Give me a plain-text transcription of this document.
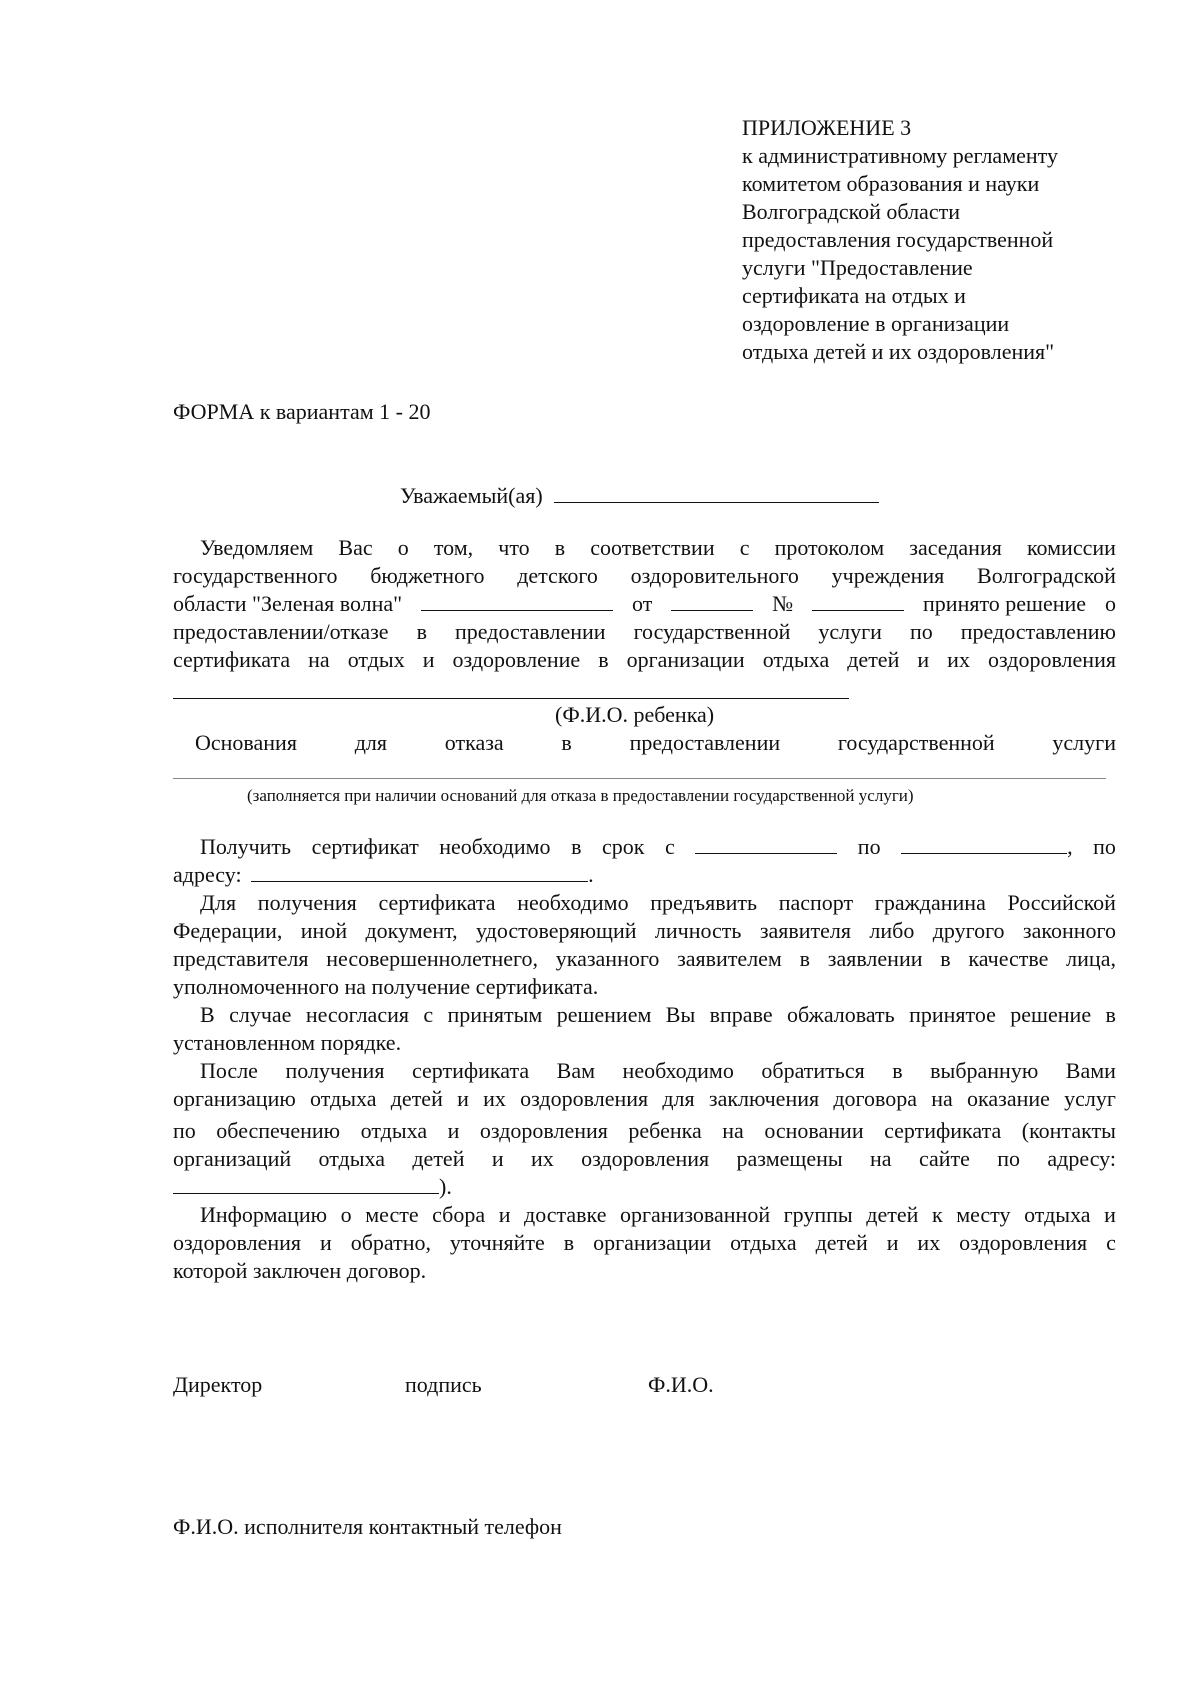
ПРИЛОЖЕНИЕ 3
к административному регламенту
комитетом образования и науки
Волгоградской области
предоставления государственной
услуги "Предоставление
сертификата на отдых и
оздоровление в организации
отдыха детей и их оздоровления"
ФОРМА к вариантам 1 - 20
Уважаемый(ая)
Уведомляем Вас о том, что в соответствии с протоколом заседания комиссии
государственного бюджетного детского оздоровительного учреждения Волгоградской
области "Зеленая волна"	от	№	принято решение о
предоставлении/отказе в предоставлении государственной услуги по предоставлению
сертификата на отдых и оздоровление в организации отдыха детей и их оздоровления
(Ф.И.О. ребенка)
Основания	для	отказа	в	предоставлении	государственной	услуги
(заполняется при наличии оснований для отказа в предоставлении государственной услуги)
Получить сертификат необходимо в срок с	по	, по
адресу:	.
Для получения сертификата необходимо предъявить паспорт гражданина Российской
Федерации, иной документ, удостоверяющий личность заявителя либо другого законного
представителя несовершеннолетнего, указанного заявителем в заявлении в качестве лица,
уполномоченного на получение сертификата.
В случае несогласия с принятым решением Вы вправе обжаловать принятое решение в
установленном порядке.
После получения сертификата Вам необходимо обратиться в выбранную Вами
организацию отдыха детей и их оздоровления для заключения договора на оказание услуг
по обеспечению отдыха и оздоровления ребенка на основании сертификата (контакты
организаций отдыха детей и их оздоровления размещены на сайте по адресу:
).
Информацию о месте сбора и доставке организованной группы детей к месту отдыха и
оздоровления и обратно, уточняйте в организации отдыха детей и их оздоровления с
которой заключен договор.
Директор	подпись	Ф.И.О.
Ф.И.О. исполнителя контактный телефон
